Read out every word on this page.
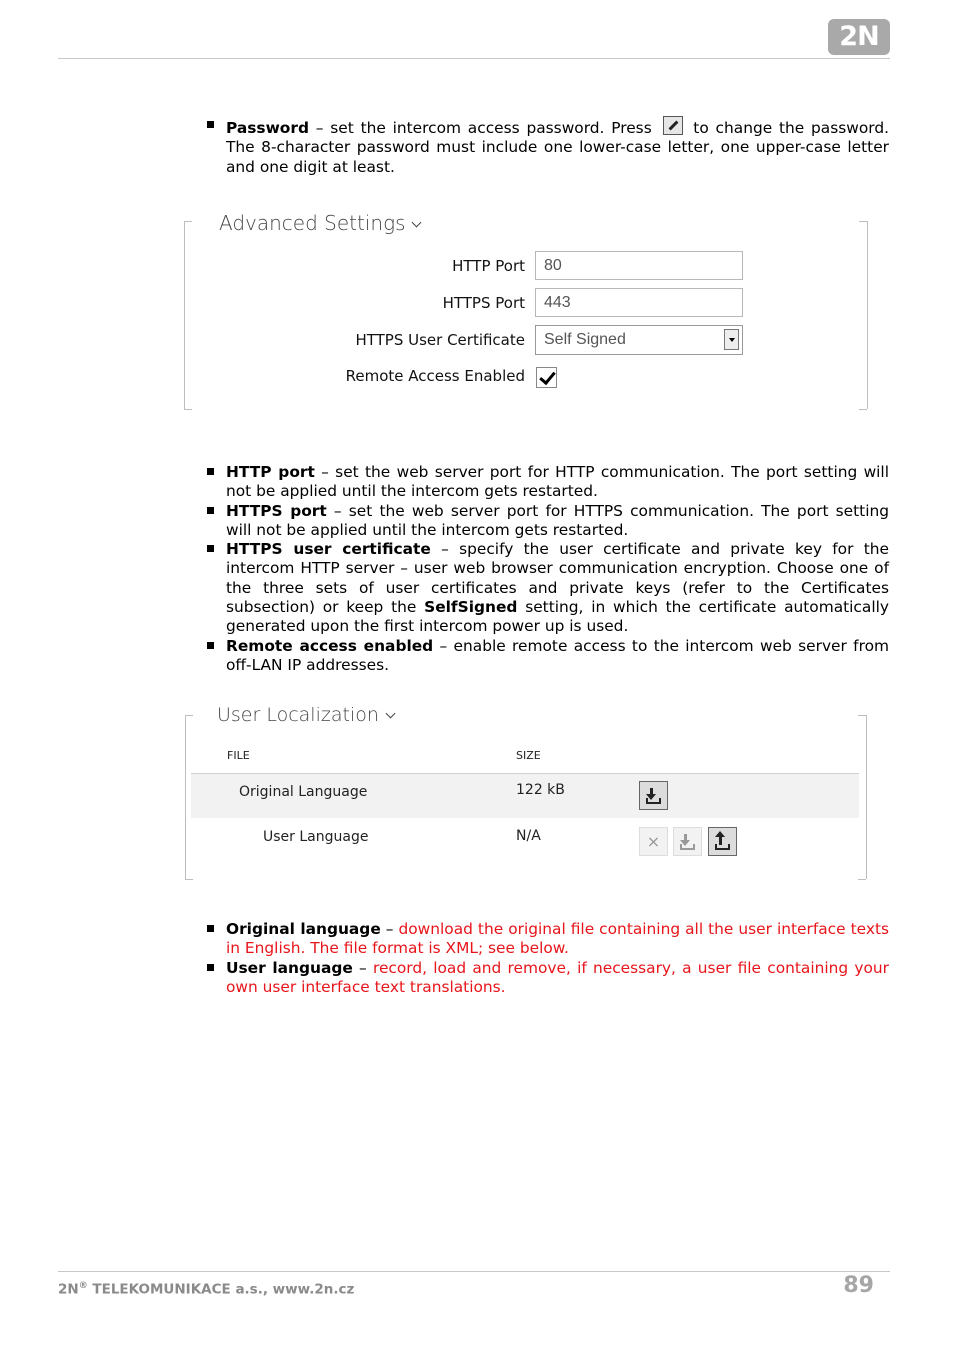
2N
Password – set the intercom access password. Press  to change the password. The 8-character password must include one lower-case letter, one upper-case letter and one digit at least.
Advanced Settings
HTTP Port	80
HTTPS Port	443
HTTPS User Certificate	Self Signed
Remote Access Enabled
HTTP port – set the web server port for HTTP communication. The port setting will not be applied until the intercom gets restarted.
HTTPS port – set the web server port for HTTPS communication. The port setting will not be applied until the intercom gets restarted.
HTTPS user certificate – specify the user certificate and private key for the intercom HTTP server – user web browser communication encryption. Choose one of the three sets of user certificates and private keys (refer to the Certificates subsection) or keep the SelfSigned setting, in which the certificate automatically generated upon the first intercom power up is used.
Remote access enabled – enable remote access to the intercom web server from off-LAN IP addresses.
User Localization
FILE	SIZE
Original Language	122 kB
User Language	N/A	×
Original language – download the original file containing all the user interface texts in English. The file format is XML; see below.
User language – record, load and remove, if necessary, a user file containing your own user interface text translations.
2N® TELEKOMUNIKACE a.s., www.2n.cz	89
